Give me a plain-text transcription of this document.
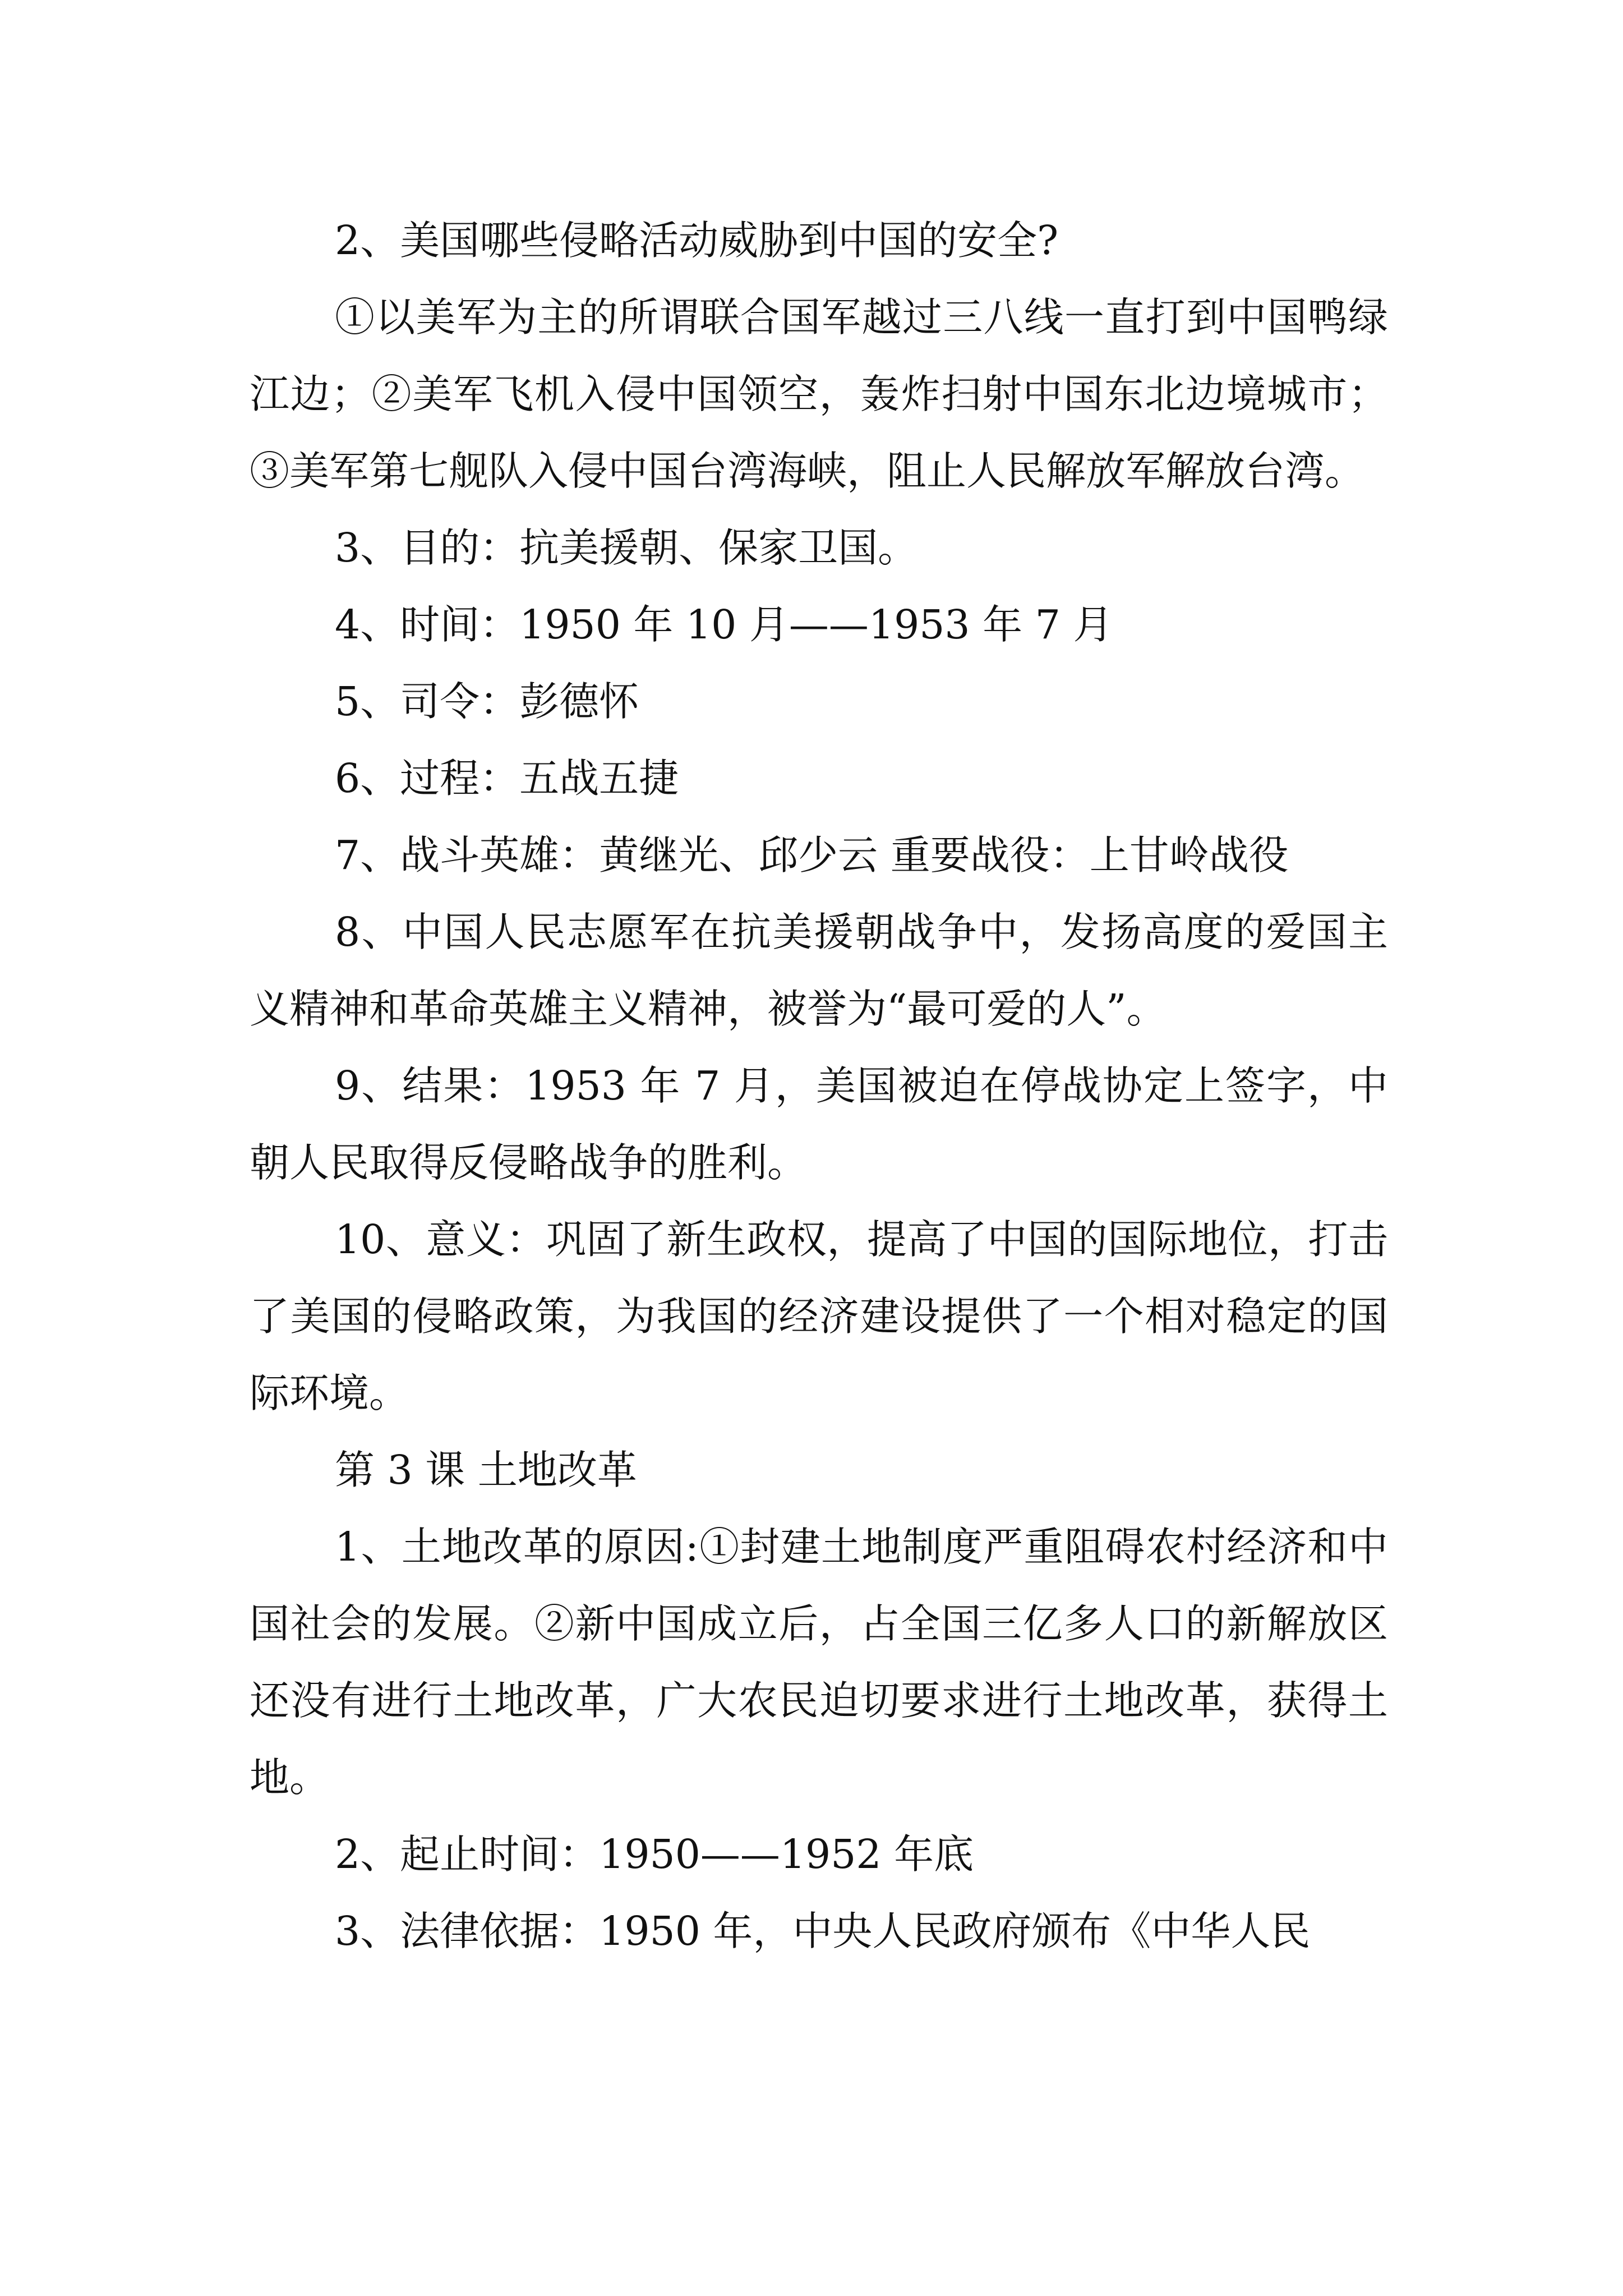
2、美国哪些侵略活动威胁到中国的安全?

①以美军为主的所谓联合国军越过三八线一直打到中国鸭绿江边；②美军飞机入侵中国领空，轰炸扫射中国东北边境城市；③美军第七舰队入侵中国台湾海峡，阻止人民解放军解放台湾。

3、目的：抗美援朝、保家卫国。

4、时间：1950 年 10 月——1953 年 7 月

5、司令：彭德怀

6、过程：五战五捷

7、战斗英雄：黄继光、邱少云 重要战役：上甘岭战役

8、中国人民志愿军在抗美援朝战争中，发扬高度的爱国主义精神和革命英雄主义精神，被誉为“最可爱的人”。

9、结果：1953 年 7 月，美国被迫在停战协定上签字，中朝人民取得反侵略战争的胜利。

10、意义：巩固了新生政权，提高了中国的国际地位，打击了美国的侵略政策，为我国的经济建设提供了一个相对稳定的国际环境。

第 3 课 土地改革

1、土地改革的原因:①封建土地制度严重阻碍农村经济和中国社会的发展。②新中国成立后，占全国三亿多人口的新解放区还没有进行土地改革，广大农民迫切要求进行土地改革，获得土地。

2、起止时间：1950——1952 年底

3、法律依据：1950 年，中央人民政府颁布《中华人民
